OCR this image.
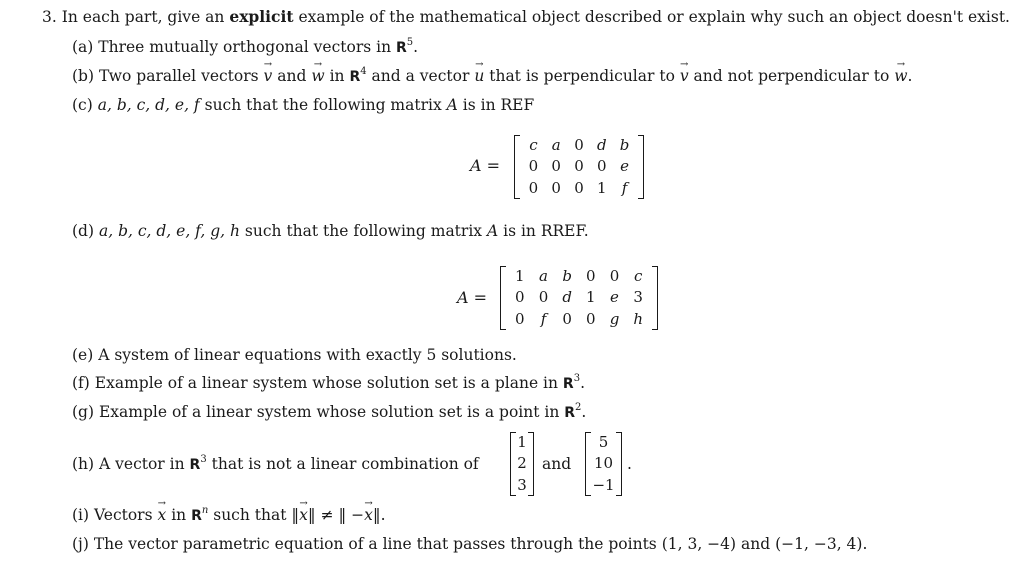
3. In each part, give an explicit example of the mathematical object described or explain why such an object doesn't exist.
(a) Three mutually orthogonal vectors in $R^5$.
(b) Two parallel vectors → v and → w in $R^4$ and a vector → u that is perpendicular to → v and not perpendicular to → w.
(c) a, b, c, d, e, f such that the following matrix A is in REF
A =
c a 0 d b
0 0 0 0 e
0 0 0 1	f
(d) a, b, c, d, e, f, g, h such that the following matrix A is in RREF.
A =
1 a b 0 0 c
0 0 d 1 e 3
0	f	0 0 g h
(e) A system of linear equations with exactly 5 solutions.
(f) Example of a linear system whose solution set is a plane in $R^3$.
(g) Example of a linear system whose solution set is a point in $R^2$.
(h) A vector in $R^3$ that is not a linear combination of
1
2
3
and
5
10
−1
.
(i) Vectors → x in $R^n$ such that ‖→ x‖ ≠ ‖ −→ x‖.
(j) The vector parametric equation of a line that passes through the points (1, 3, −4) and (−1, −3, 4).
